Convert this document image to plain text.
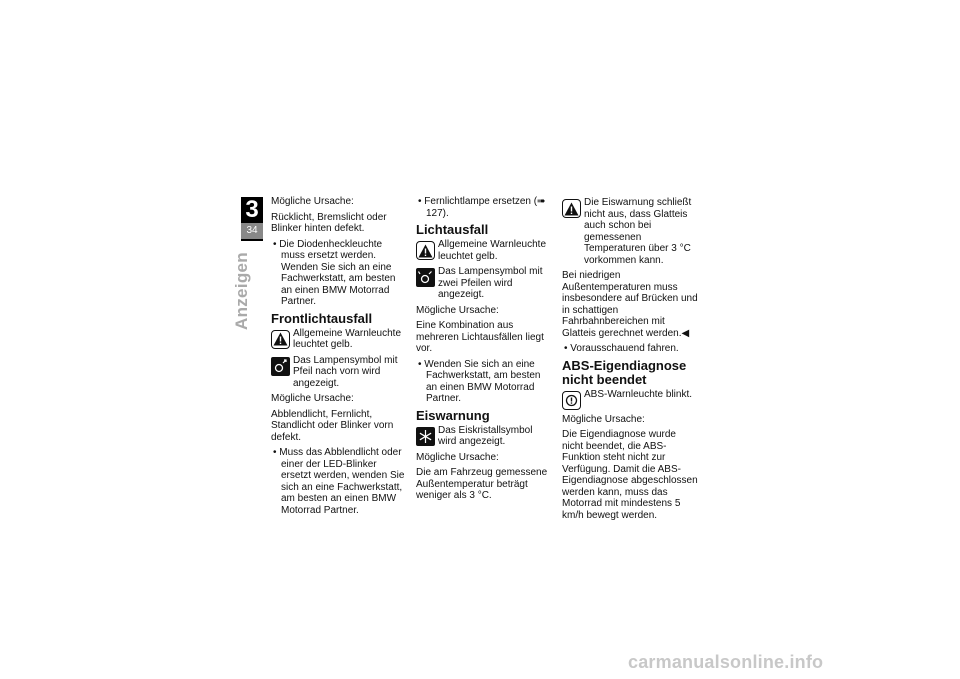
3
34
Anzeigen

Mögliche Ursache:

Rücklicht, Bremslicht oder Blinker hinten defekt.

• Die Diodenheckleuchte muss ersetzt werden. Wenden Sie sich an eine Fachwerkstatt, am besten an einen BMW Motorrad Partner.

Frontlichtausfall
Allgemeine Warnleuchte leuchtet gelb.
Das Lampensymbol mit Pfeil nach vorn wird angezeigt.

Mögliche Ursache:

Abblendlicht, Fernlicht, Standlicht oder Blinker vorn defekt.

• Muss das Abblendlicht oder einer der LED-Blinker ersetzt werden, wenden Sie sich an eine Fachwerkstatt, am besten an einen BMW Motorrad Partner.

• Fernlichtlampe ersetzen (➠ 127).

Lichtausfall
Allgemeine Warnleuchte leuchtet gelb.
Das Lampensymbol mit zwei Pfeilen wird angezeigt.

Mögliche Ursache:

Eine Kombination aus mehreren Lichtausfällen liegt vor.

• Wenden Sie sich an eine Fachwerkstatt, am besten an einen BMW Motorrad Partner.

Eiswarnung
Das Eiskristallsymbol wird angezeigt.

Mögliche Ursache:

Die am Fahrzeug gemessene Außentemperatur beträgt weniger als 3 °C.

Die Eiswarnung schließt nicht aus, dass Glatteis auch schon bei gemessenen Temperaturen über 3 °C vorkommen kann.

Bei niedrigen Außentemperaturen muss insbesondere auf Brücken und in schattigen Fahrbahnbereichen mit Glatteis gerechnet werden.◀

• Vorausschauend fahren.

ABS-Eigendiagnose nicht beendet
ABS-Warnleuchte blinkt.

Mögliche Ursache:

Die Eigendiagnose wurde nicht beendet, die ABS-Funktion steht nicht zur Verfügung. Damit die ABS-Eigendiagnose abgeschlossen werden kann, muss das Motorrad mit mindestens 5 km/h bewegt werden.

carmanualsonline.info
